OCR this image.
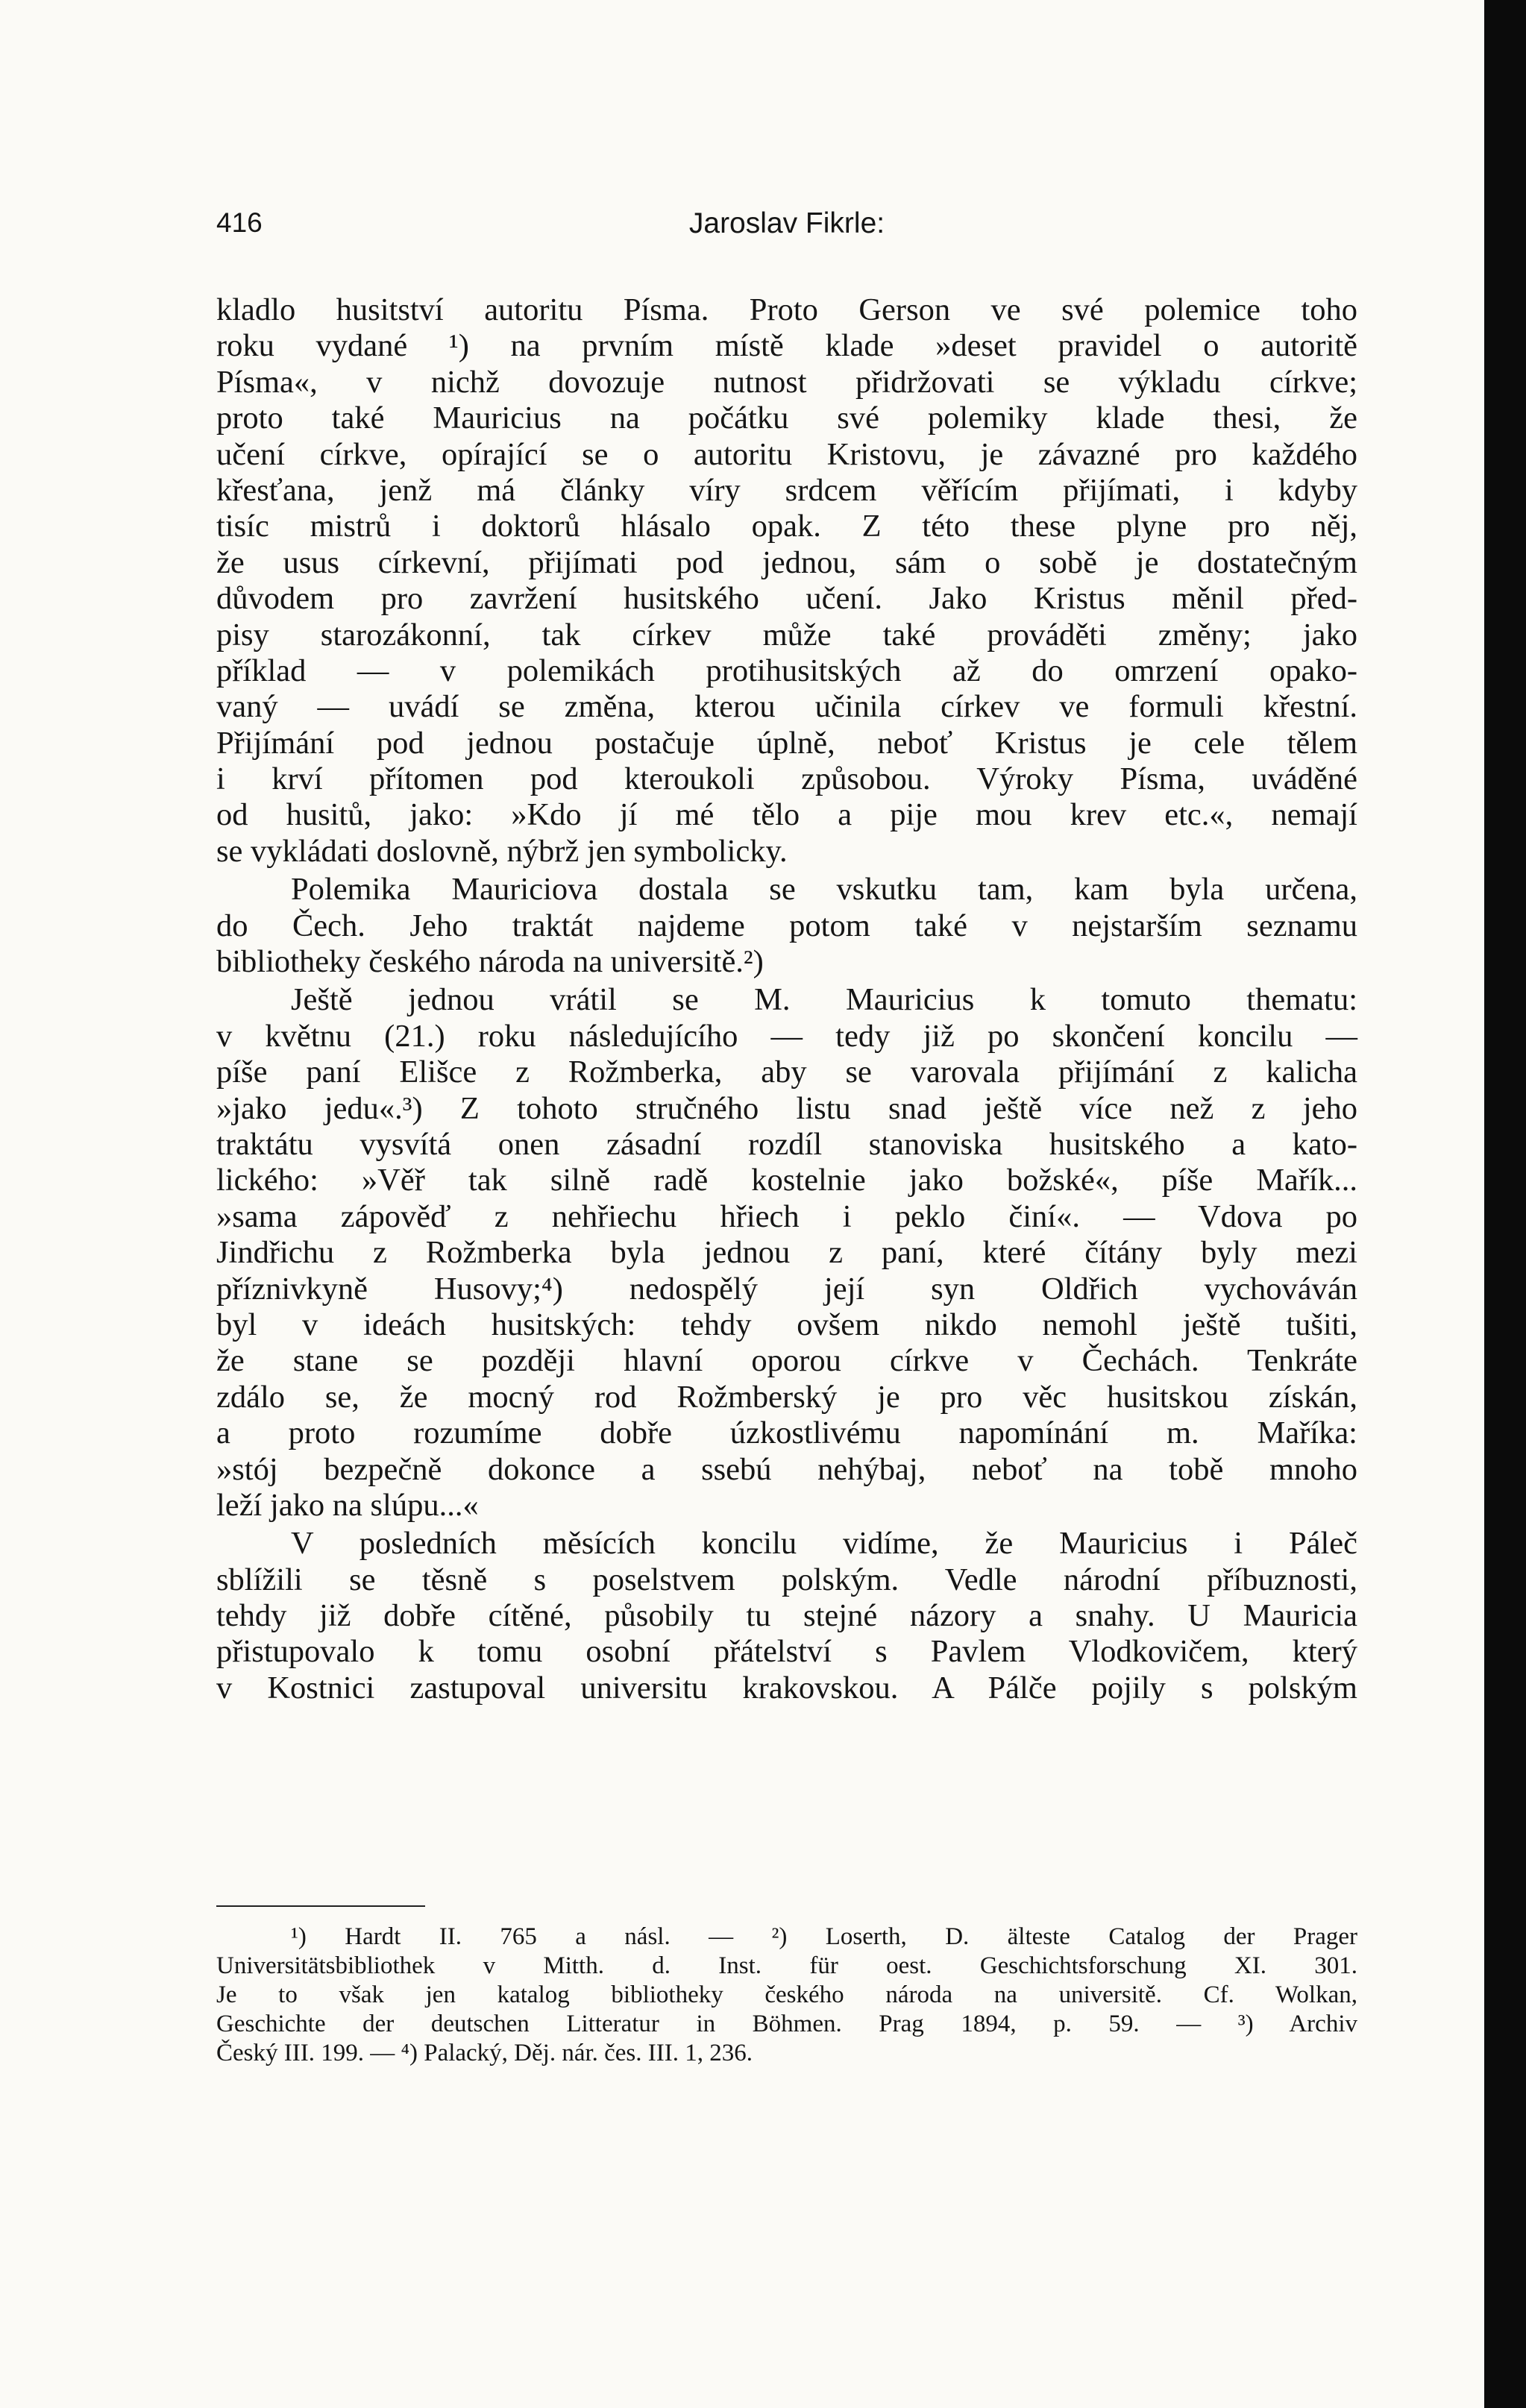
416	Jaroslav Fikrle:
kladlo husitství autoritu Písma. Proto Gerson ve své polemice toho
roku vydané ¹) na prvním místě klade »deset pravidel o autoritě
Písma«, v nichž dovozuje nutnost přidržovati se výkladu církve;
proto také Mauricius na počátku své polemiky klade thesi, že
učení církve, opírající se o autoritu Kristovu, je závazné pro každého
křesťana, jenž má články víry srdcem věřícím přijímati, i kdyby
tisíc mistrů i doktorů hlásalo opak. Z této these plyne pro něj,
že usus církevní, přijímati pod jednou, sám o sobě je dostatečným
důvodem pro zavržení husitského učení. Jako Kristus měnil před-
pisy starozákonní, tak církev může také prováděti změny; jako
příklad — v polemikách protihusitských až do omrzení opako-
vaný — uvádí se změna, kterou učinila církev ve formuli křestní.
Přijímání pod jednou postačuje úplně, neboť Kristus je cele tělem
i krví přítomen pod kteroukoli způsobou. Výroky Písma, uváděné
od husitů, jako: »Kdo jí mé tělo a pije mou krev etc.«, nemají
se vykládati doslovně, nýbrž jen symbolicky.
Polemika Mauriciova dostala se vskutku tam, kam byla určena,
do Čech. Jeho traktát najdeme potom také v nejstarším seznamu
bibliotheky českého národa na universitě.²)
Ještě jednou vrátil se M. Mauricius k tomuto thematu:
v květnu (21.) roku následujícího — tedy již po skončení koncilu —
píše paní Elišce z Rožmberka, aby se varovala přijímání z kalicha
»jako jedu«.³) Z tohoto stručného listu snad ještě více než z jeho
traktátu vysvítá onen zásadní rozdíl stanoviska husitského a kato-
lického: »Věř tak silně radě kostelnie jako božské«, píše Mařík...
»sama zápověď z nehřiechu hřiech i peklo činí«. — Vdova po
Jindřichu z Rožmberka byla jednou z paní, které čítány byly mezi
příznivkyně Husovy;⁴) nedospělý její syn Oldřich vychováván
byl v ideách husitských: tehdy ovšem nikdo nemohl ještě tušiti,
že stane se později hlavní oporou církve v Čechách. Tenkráte
zdálo se, že mocný rod Rožmberský je pro věc husitskou získán,
a proto rozumíme dobře úzkostlivému napomínání m. Maříka:
»stój bezpečně dokonce a ssebú nehýbaj, neboť na tobě mnoho
leží jako na slúpu...«
V posledních měsících koncilu vidíme, že Mauricius i Páleč
sblížili se těsně s poselstvem polským. Vedle národní příbuznosti,
tehdy již dobře cítěné, působily tu stejné názory a snahy. U Mauricia
přistupovalo k tomu osobní přátelství s Pavlem Vlodkovičem, který
v Kostnici zastupoval universitu krakovskou. A Pálče pojily s polským
¹) Hardt II. 765 a násl. — ²) Loserth, D. älteste Catalog der Prager
Universitätsbibliothek v Mitth. d. Inst. für oest. Geschichtsforschung XI. 301.
Je to však jen katalog bibliotheky českého národa na universitě. Cf. Wolkan,
Geschichte der deutschen Litteratur in Böhmen. Prag 1894, p. 59. — ³) Archiv
Český III. 199. — ⁴) Palacký, Děj. nár. čes. III. 1, 236.
